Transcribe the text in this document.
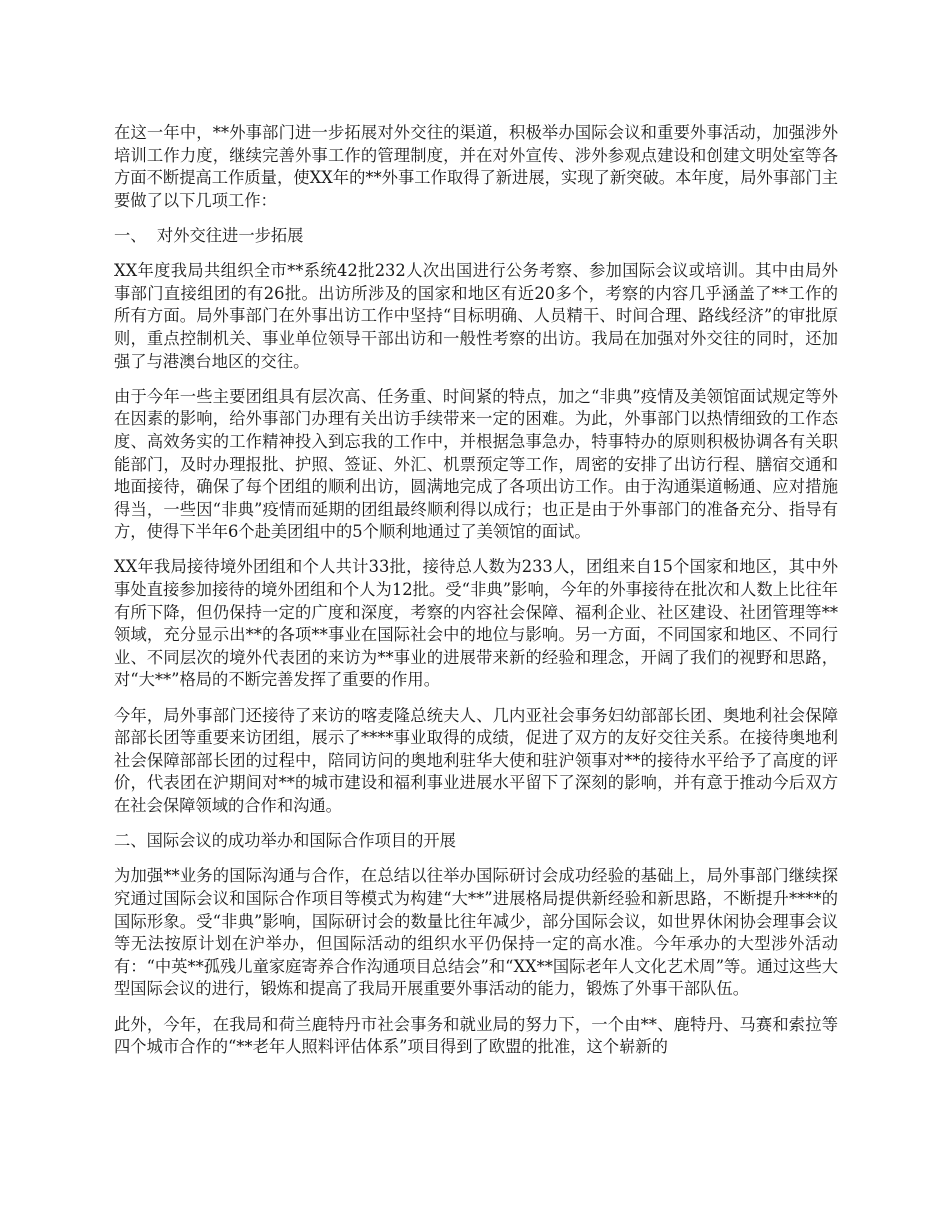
在这一年中，**外事部门进一步拓展对外交往的渠道，积极举办国际会议和重要外事活动，加强涉外培训工作力度，继续完善外事工作的管理制度，并在对外宣传、涉外参观点建设和创建文明处室等各方面不断提高工作质量，使XX年的**外事工作取得了新进展，实现了新突破。本年度，局外事部门主要做了以下几项工作：

一、  对外交往进一步拓展

XX年度我局共组织全市**系统42批232人次出国进行公务考察、参加国际会议或培训。其中由局外事部门直接组团的有26批。出访所涉及的国家和地区有近20多个，考察的内容几乎涵盖了**工作的所有方面。局外事部门在外事出访工作中坚持“目标明确、人员精干、时间合理、路线经济”的审批原则，重点控制机关、事业单位领导干部出访和一般性考察的出访。我局在加强对外交往的同时，还加强了与港澳台地区的交往。

由于今年一些主要团组具有层次高、任务重、时间紧的特点，加之“非典”疫情及美领馆面试规定等外在因素的影响，给外事部门办理有关出访手续带来一定的困难。为此，外事部门以热情细致的工作态度、高效务实的工作精神投入到忘我的工作中，并根据急事急办，特事特办的原则积极协调各有关职能部门，及时办理报批、护照、签证、外汇、机票预定等工作，周密的安排了出访行程、膳宿交通和地面接待，确保了每个团组的顺利出访，圆满地完成了各项出访工作。由于沟通渠道畅通、应对措施得当，一些因“非典”疫情而延期的团组最终顺利得以成行；也正是由于外事部门的准备充分、指导有方，使得下半年6个赴美团组中的5个顺利地通过了美领馆的面试。

XX年我局接待境外团组和个人共计33批，接待总人数为233人，团组来自15个国家和地区，其中外事处直接参加接待的境外团组和个人为12批。受“非典”影响，今年的外事接待在批次和人数上比往年有所下降，但仍保持一定的广度和深度，考察的内容社会保障、福利企业、社区建设、社团管理等**领域，充分显示出**的各项**事业在国际社会中的地位与影响。另一方面，不同国家和地区、不同行业、不同层次的境外代表团的来访为**事业的进展带来新的经验和理念，开阔了我们的视野和思路，对“大**”格局的不断完善发挥了重要的作用。

今年，局外事部门还接待了来访的喀麦隆总统夫人、几内亚社会事务妇幼部部长团、奥地利社会保障部部长团等重要来访团组，展示了****事业取得的成绩，促进了双方的友好交往关系。在接待奥地利社会保障部部长团的过程中，陪同访问的奥地利驻华大使和驻沪领事对**的接待水平给予了高度的评价，代表团在沪期间对**的城市建设和福利事业进展水平留下了深刻的影响，并有意于推动今后双方在社会保障领域的合作和沟通。

二、国际会议的成功举办和国际合作项目的开展

为加强**业务的国际沟通与合作，在总结以往举办国际研讨会成功经验的基础上，局外事部门继续探究通过国际会议和国际合作项目等模式为构建“大**”进展格局提供新经验和新思路，不断提升****的国际形象。受“非典”影响，国际研讨会的数量比往年减少，部分国际会议，如世界休闲协会理事会议等无法按原计划在沪举办，但国际活动的组织水平仍保持一定的高水准。今年承办的大型涉外活动有：“中英**孤残儿童家庭寄养合作沟通项目总结会”和“XX**国际老年人文化艺术周”等。通过这些大型国际会议的进行，锻炼和提高了我局开展重要外事活动的能力，锻炼了外事干部队伍。

此外，今年，在我局和荷兰鹿特丹市社会事务和就业局的努力下，一个由**、鹿特丹、马赛和索拉等四个城市合作的“**老年人照料评估体系”项目得到了欧盟的批准，这个崭新的
